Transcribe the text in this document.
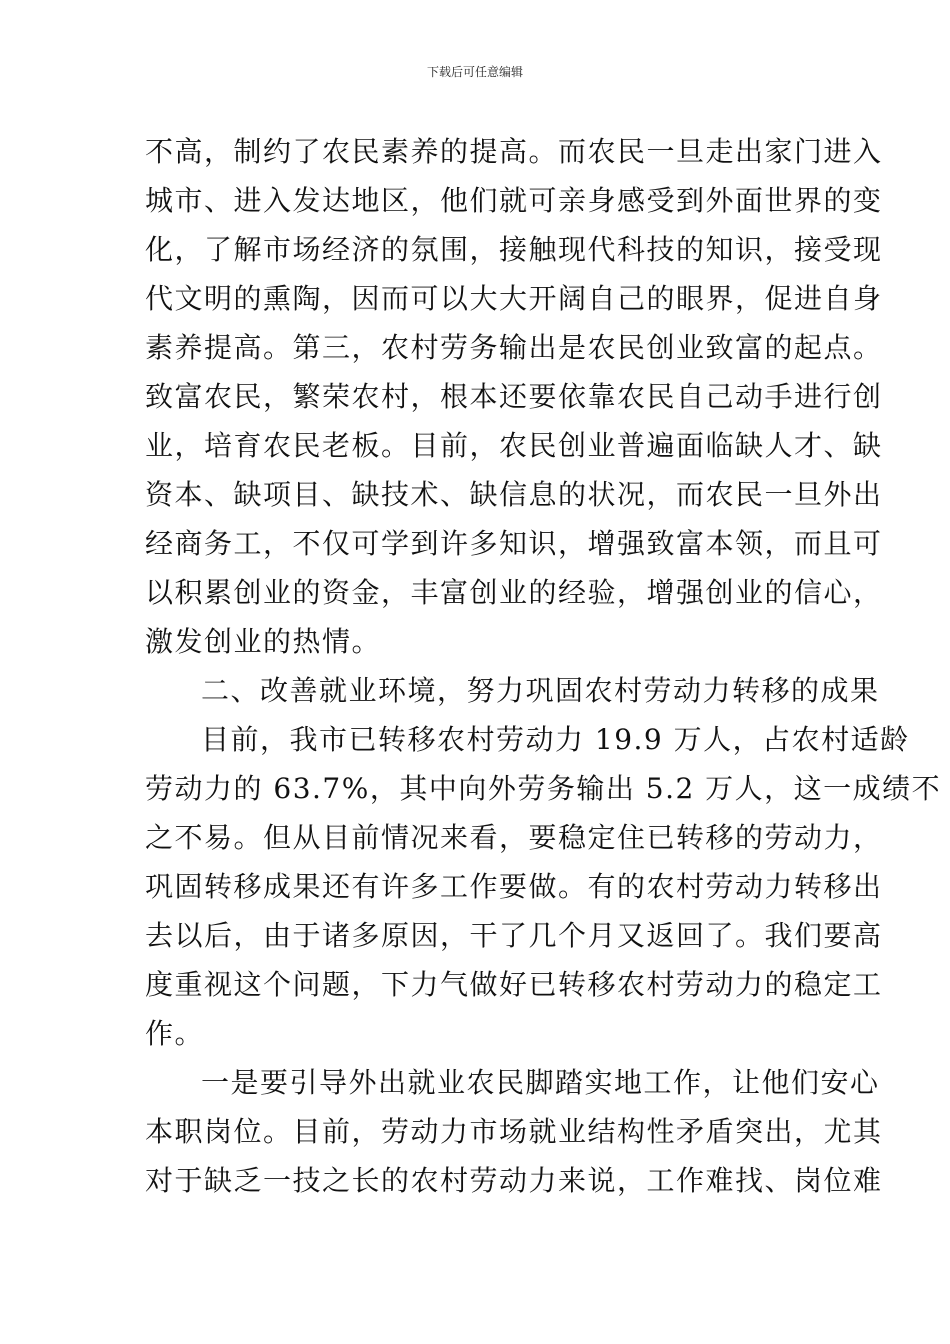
下载后可任意编辑
不高，制约了农民素养的提高。而农民一旦走出家门进入
城市、进入发达地区，他们就可亲身感受到外面世界的变
化，了解市场经济的氛围，接触现代科技的知识，接受现
代文明的熏陶，因而可以大大开阔自己的眼界，促进自身
素养提高。第三，农村劳务输出是农民创业致富的起点。
致富农民，繁荣农村，根本还要依靠农民自己动手进行创
业，培育农民老板。目前，农民创业普遍面临缺人才、缺
资本、缺项目、缺技术、缺信息的状况，而农民一旦外出
经商务工，不仅可学到许多知识，增强致富本领，而且可
以积累创业的资金，丰富创业的经验，增强创业的信心，
激发创业的热情。
二、改善就业环境，努力巩固农村劳动力转移的成果
目前，我市已转移农村劳动力 19.9 万人，占农村适龄
劳动力的 63.7%，其中向外劳务输出 5.2 万人，这一成绩不
之不易。但从目前情况来看，要稳定住已转移的劳动力，
巩固转移成果还有许多工作要做。有的农村劳动力转移出
去以后，由于诸多原因，干了几个月又返回了。我们要高
度重视这个问题，下力气做好已转移农村劳动力的稳定工
作。
一是要引导外出就业农民脚踏实地工作，让他们安心
本职岗位。目前，劳动力市场就业结构性矛盾突出，尤其
对于缺乏一技之长的农村劳动力来说，工作难找、岗位难
